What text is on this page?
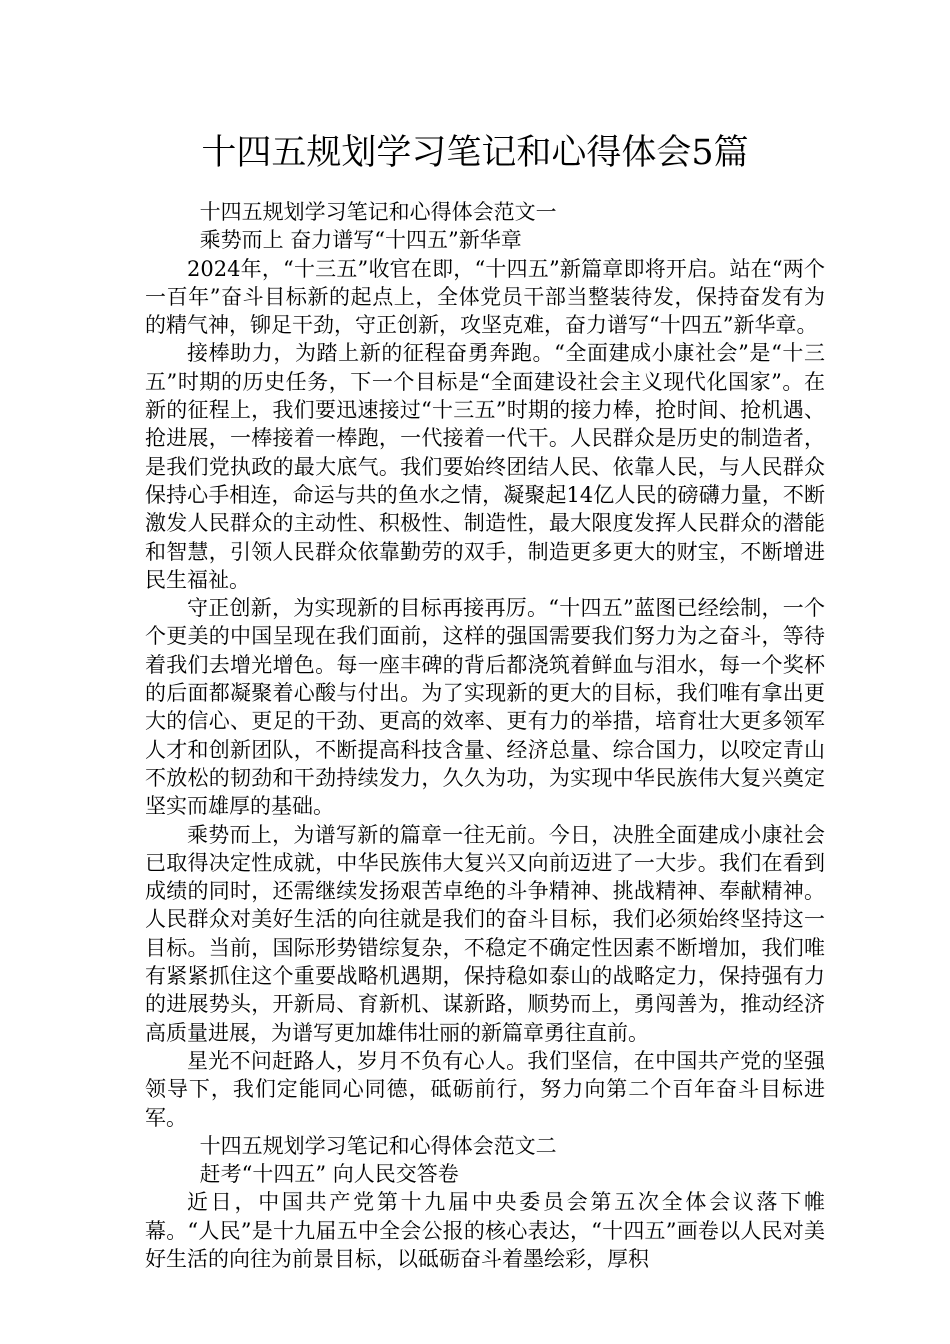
十四五规划学习笔记和心得体会5篇

十四五规划学习笔记和心得体会范文一

乘势而上 奋力谱写“十四五”新华章

2024年，“十三五”收官在即，“十四五”新篇章即将开启。站在“两个一百年”奋斗目标新的起点上，全体党员干部当整装待发，保持奋发有为的精气神，铆足干劲，守正创新，攻坚克难，奋力谱写“十四五”新华章。

接棒助力，为踏上新的征程奋勇奔跑。“全面建成小康社会”是“十三五”时期的历史任务，下一个目标是“全面建设社会主义现代化国家”。在新的征程上，我们要迅速接过“十三五”时期的接力棒，抢时间、抢机遇、抢进展，一棒接着一棒跑，一代接着一代干。人民群众是历史的制造者，是我们党执政的最大底气。我们要始终团结人民、依靠人民，与人民群众保持心手相连，命运与共的鱼水之情，凝聚起14亿人民的磅礴力量，不断激发人民群众的主动性、积极性、制造性，最大限度发挥人民群众的潜能和智慧，引领人民群众依靠勤劳的双手，制造更多更大的财宝，不断增进民生福祉。

守正创新，为实现新的目标再接再厉。“十四五”蓝图已经绘制，一个个更美的中国呈现在我们面前，这样的强国需要我们努力为之奋斗，等待着我们去增光增色。每一座丰碑的背后都浇筑着鲜血与泪水，每一个奖杯的后面都凝聚着心酸与付出。为了实现新的更大的目标，我们唯有拿出更大的信心、更足的干劲、更高的效率、更有力的举措，培育壮大更多领军人才和创新团队，不断提高科技含量、经济总量、综合国力，以咬定青山不放松的韧劲和干劲持续发力，久久为功，为实现中华民族伟大复兴奠定坚实而雄厚的基础。

乘势而上，为谱写新的篇章一往无前。今日，决胜全面建成小康社会已取得决定性成就，中华民族伟大复兴又向前迈进了一大步。我们在看到成绩的同时，还需继续发扬艰苦卓绝的斗争精神、挑战精神、奉献精神。人民群众对美好生活的向往就是我们的奋斗目标，我们必须始终坚持这一目标。当前，国际形势错综复杂，不稳定不确定性因素不断增加，我们唯有紧紧抓住这个重要战略机遇期，保持稳如泰山的战略定力，保持强有力的进展势头，开新局、育新机、谋新路，顺势而上，勇闯善为，推动经济高质量进展，为谱写更加雄伟壮丽的新篇章勇往直前。

星光不问赶路人，岁月不负有心人。我们坚信，在中国共产党的坚强领导下，我们定能同心同德，砥砺前行，努力向第二个百年奋斗目标进军。

十四五规划学习笔记和心得体会范文二

赶考“十四五” 向人民交答卷

近日，中国共产党第十九届中央委员会第五次全体会议落下帷幕。“人民”是十九届五中全会公报的核心表达，“十四五”画卷以人民对美好生活的向往为前景目标，以砥砺奋斗着墨绘彩，厚积
